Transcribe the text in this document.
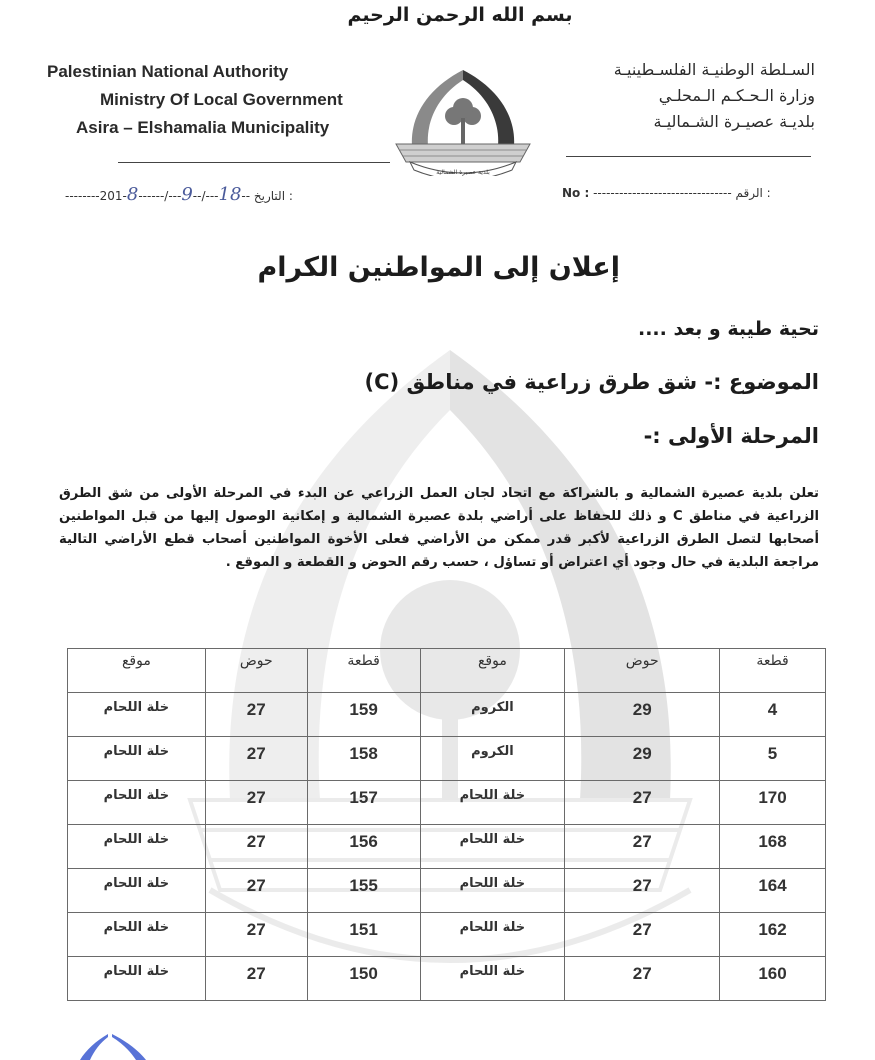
بسم الله الرحمن الرحيم
Palestinian National Authority
Ministry Of Local Government
Asira – Elshamalia Municipality
السـلطة الوطنيـة الفلسـطينيـة
وزارة الـحـكـم الـمحلـي
بلديـة عصيـرة الشـماليـة
بلدية عصيرة الشمالية
--------201-8------/---9--/---18-- التاريخ :	No : -------------------------------- الرقم :
إعلان إلى المواطنين الكرام
تحية طيبة و بعد ....
الموضوع :- شق طرق زراعية في مناطق (C)
المرحلة الأولى :-
تعلن بلدية عصيرة الشمالية و بالشراكة مع اتحاد لجان العمل الزراعي عن البدء في المرحلة الأولى من شق الطرق الزراعية في مناطق C و ذلك للحفاظ على أراضي بلدة عصيرة الشمالية و إمكانية الوصول إليها من قبل المواطنين أصحابها لتصل الطرق الزراعية لأكبر قدر ممكن من الأراضي فعلى الأخوة المواطنين أصحاب قطع الأراضي التالية مراجعة البلدية في حال وجود أي اعتراض أو تساؤل ، حسب رقم الحوض و القطعة و الموقع .
موقع	حوض	قطعة	موقع	حوض	قطعة
خلة اللحام	27	159	الكروم	29	4
خلة اللحام	27	158	الكروم	29	5
خلة اللحام	27	157	خلة اللحام	27	170
خلة اللحام	27	156	خلة اللحام	27	168
خلة اللحام	27	155	خلة اللحام	27	164
خلة اللحام	27	151	خلة اللحام	27	162
خلة اللحام	27	150	خلة اللحام	27	160
